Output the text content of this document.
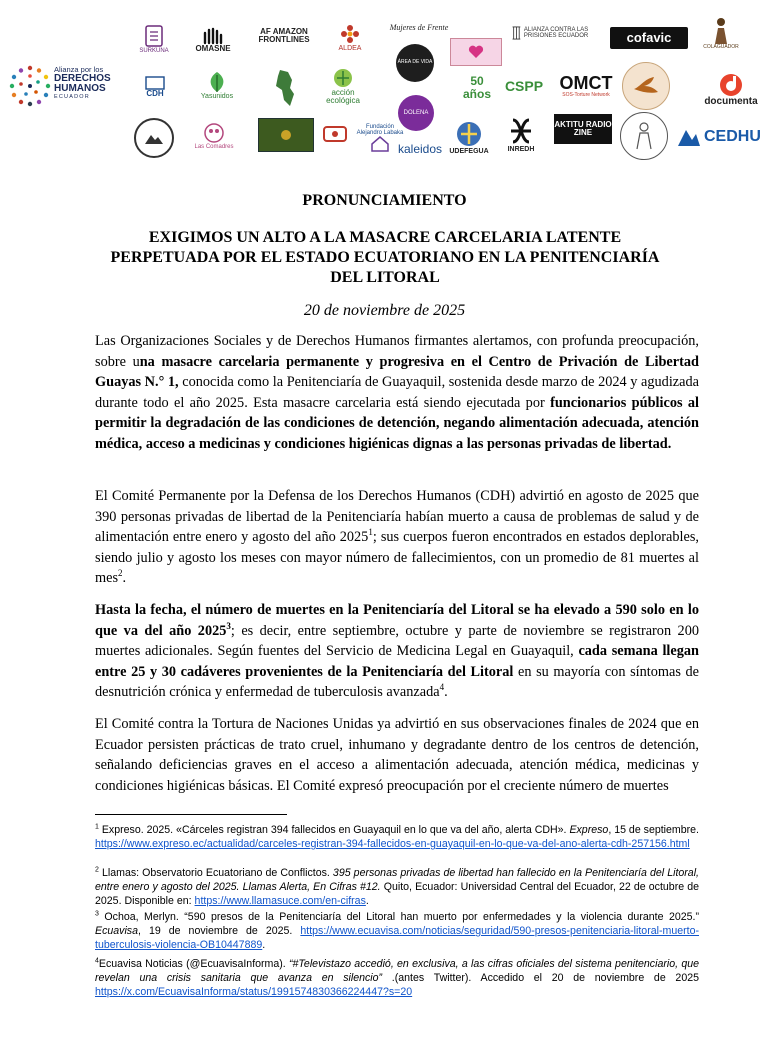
Alianza por los
DERECHOS
HUMANOS
ECUADOR
SURKUNA	OMASNE
AF AMAZON FRONTLINES
ALDEA
Mujeres de Frente	ALIANZA CONTRA LAS PRISIONES ECUADOR	cofavic
COLAGUADOR
CDH	Yasunidos
acción ecológica
ÁREA DE VIDA
50 años
CSPP OMCT
SOS-Torture Network
documenta
Las Comadres
Fundación Alejandro Labaka
DOLENA
kaleidos UDEFEGUA	INREDH
AKTITU RADIO ZINE	CEDHU
PRONUNCIAMIENTO
EXIGIMOS UN ALTO A LA MASACRE CARCELARIA LATENTE PERPETUADA POR EL ESTADO ECUATORIANO EN LA PENITENCIARÍA DEL LITORAL
20 de noviembre de 2025
Las Organizaciones Sociales y de Derechos Humanos firmantes alertamos, con profunda preocupación, sobre una masacre carcelaria permanente y progresiva en el Centro de Privación de Libertad Guayas N.° 1, conocida como la Penitenciaría de Guayaquil, sostenida desde marzo de 2024 y agudizada durante todo el año 2025. Esta masacre carcelaria está siendo ejecutada por funcionarios públicos al permitir la degradación de las condiciones de detención, negando alimentación adecuada, atención médica, acceso a medicinas y condiciones higiénicas dignas a las personas privadas de libertad.
El Comité Permanente por la Defensa de los Derechos Humanos (CDH) advirtió en agosto de 2025 que 390 personas privadas de libertad de la Penitenciaría habían muerto a causa de problemas de salud y de alimentación entre enero y agosto del año 2025$^1$; sus cuerpos fueron encontrados en estados deplorables, siendo julio y agosto los meses con mayor número de fallecimientos, con un promedio de 81 muertes al mes$^2$.
Hasta la fecha, el número de muertes en la Penitenciaría del Litoral se ha elevado a 590 solo en lo que va del año 2025$^3$; es decir, entre septiembre, octubre y parte de noviembre se registraron 200 muertes adicionales. Según fuentes del Servicio de Medicina Legal en Guayaquil, cada semana llegan entre 25 y 30 cadáveres provenientes de la Penitenciaría del Litoral en su mayoría con síntomas de desnutrición crónica y enfermedad de tuberculosis avanzada$^4$.
El Comité contra la Tortura de Naciones Unidas ya advirtió en sus observaciones finales de 2024 que en Ecuador persisten prácticas de trato cruel, inhumano y degradante dentro de los centros de detención, señalando deficiencias graves en el acceso a alimentación adecuada, atención médica, medicinas y condiciones higiénicas básicas. El Comité expresó preocupación por el creciente número de muertes
$^1$ Expreso. 2025. «Cárceles registran 394 fallecidos en Guayaquil en lo que va del año, alerta CDH». Expreso, 15 de septiembre. https://www.expreso.ec/actualidad/carceles-registran-394-fallecidos-en-guayaquil-en-lo-que-va-del-ano-alerta-cdh-257156.html
$^2$ Llamas: Observatorio Ecuatoriano de Conflictos. 395 personas privadas de libertad han fallecido en la Penitenciaría del Litoral, entre enero y agosto del 2025. Llamas Alerta, En Cifras #12. Quito, Ecuador: Universidad Central del Ecuador, 22 de octubre de 2025. Disponible en: https://www.llamasuce.com/en-cifras.
$^3$ Ochoa, Merlyn. “590 presos de la Penitenciaría del Litoral han muerto por enfermedades y la violencia durante 2025.” Ecuavisa, 19 de noviembre de 2025. https://www.ecuavisa.com/noticias/seguridad/590-presos-penitenciaria-litoral-muerto-tuberculosis-violencia-OB10447889.
$^4$Ecuavisa Noticias (@EcuavisaInforma). “#Televistazo accedió, en exclusiva, a las cifras oficiales del sistema penitenciario, que revelan una crisis sanitaria que avanza en silencio” .(antes Twitter). Accedido el 20 de noviembre de 2025 https://x.com/EcuavisaInforma/status/1991574830366224447?s=20
